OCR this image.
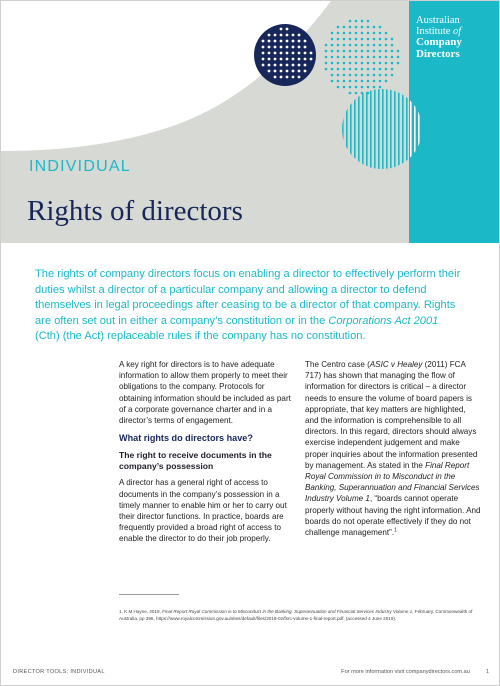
Australian
Institute of
Company
Directors
INDIVIDUAL
Rights of directors

The rights of company directors focus on enabling a director to effectively perform their duties whilst a director of a particular company and allowing a director to defend themselves in legal proceedings after ceasing to be a director of that company. Rights are often set out in either a company’s constitution or in the Corporations Act 2001 (Cth) (the Act) replaceable rules if the company has no constitution.

A key right for directors is to have adequate information to allow them properly to meet their obligations to the company. Protocols for obtaining information should be included as part of a corporate governance charter and in a director’s terms of engagement.

What rights do directors have?
The right to receive documents in the company’s possession

A director has a general right of access to documents in the company’s possession in a timely manner to enable him or her to carry out their director functions. In practice, boards are frequently provided a broad right of access to enable the director to do their job properly.

The Centro case (ASIC v Healey (2011) FCA 717) has shown that managing the flow of information for directors is critical – a director needs to ensure the volume of board papers is appropriate, that key matters are highlighted, and the information is comprehensible to all directors. In this regard, directors should always exercise independent judgement and make proper inquiries about the information presented by management. As stated in the Final Report Royal Commission in to Misconduct in the Banking, Superannuation and Financial Services Industry Volume 1, “boards cannot operate properly without having the right information. And boards do not operate effectively if they do not challenge management”.$^1$

1. K M Hayne, 2019, Final Report Royal Commission in to Misconduct in the Banking, Superannuation and Financial Services Industry Volume 1, February, Commonwealth of Australia, pp 396, https://www.royalcommission.gov.au/sites/default/files/2019-02/fsrc-volume-1-final-report.pdf, (accessed 4 June 2019).

DIRECTOR TOOLS: INDIVIDUAL	For more information visit companydirectors.com.au	1
